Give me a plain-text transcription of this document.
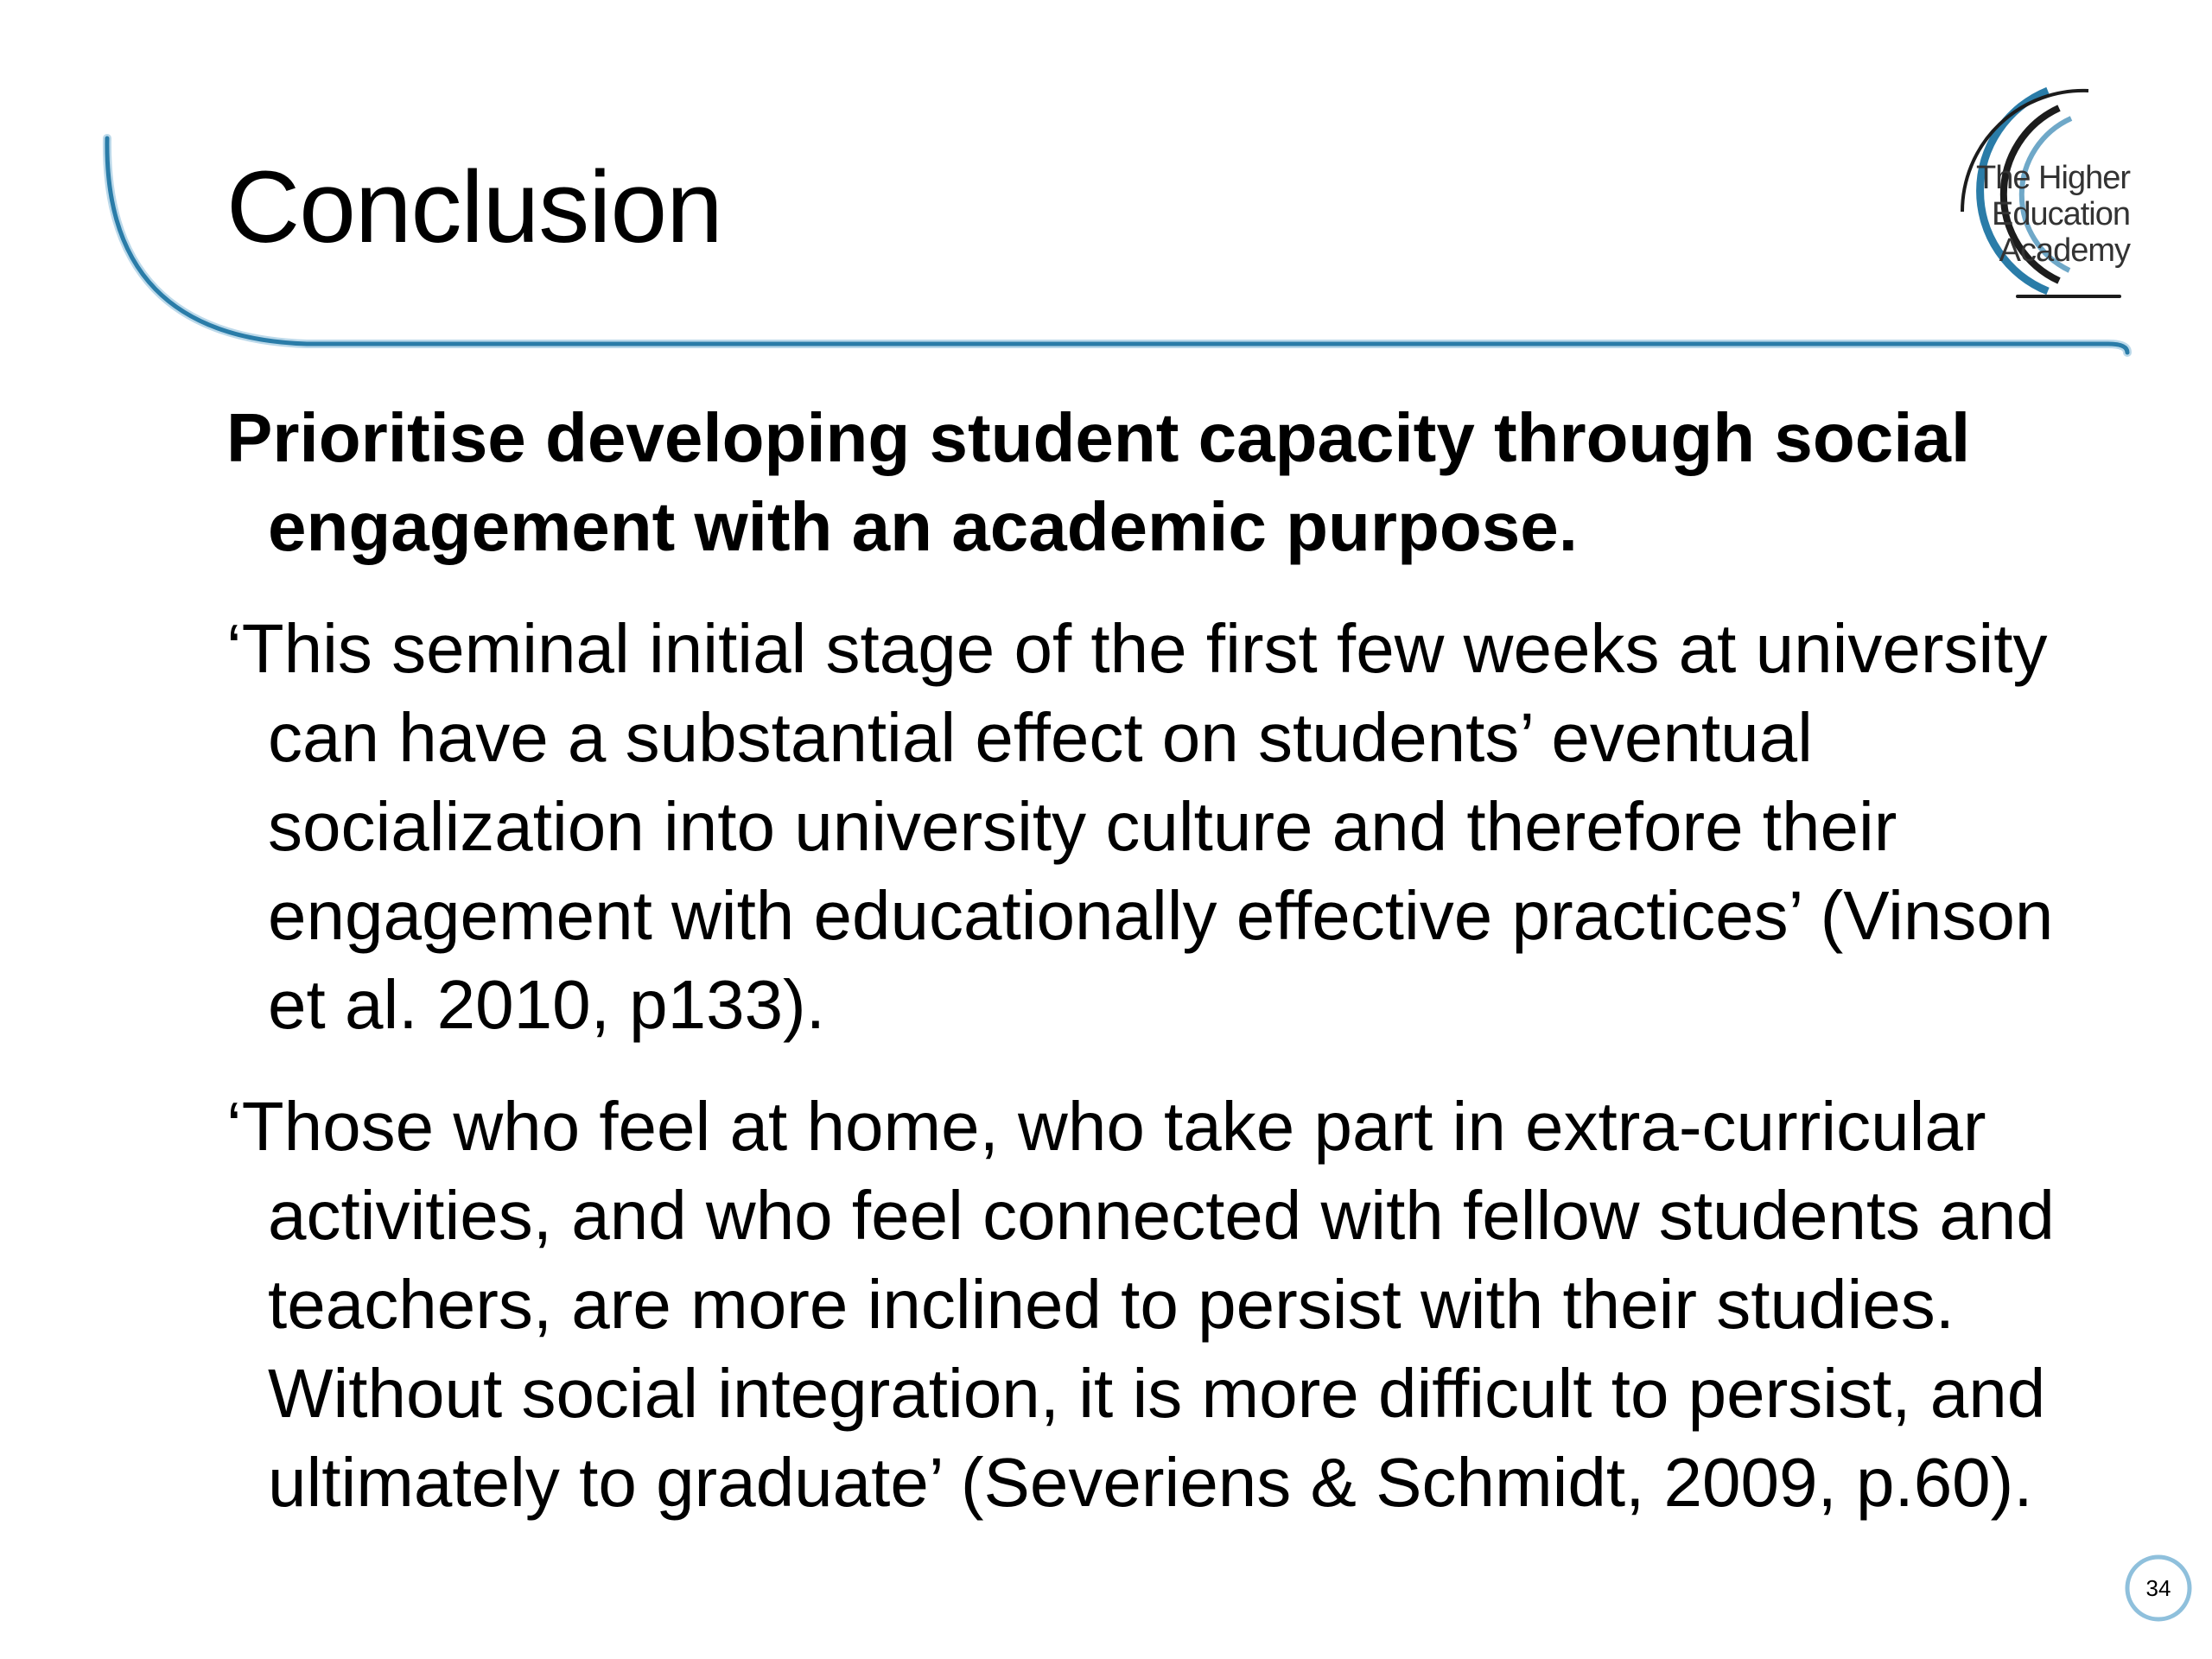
Conclusion	The Higher
Education
Academy

Prioritise developing student capacity through social engagement with an academic purpose.

‘This seminal initial stage of the first few weeks at university can have a substantial effect on students’ eventual socialization into university culture and therefore their engagement with educationally effective practices’ (Vinson et al. 2010, p133).

‘Those who feel at home, who take part in extra-curricular activities, and who feel connected with fellow students and teachers, are more inclined to persist with their studies. Without social integration, it is more difficult to persist, and ultimately to graduate’ (Severiens & Schmidt, 2009, p.60).

34
